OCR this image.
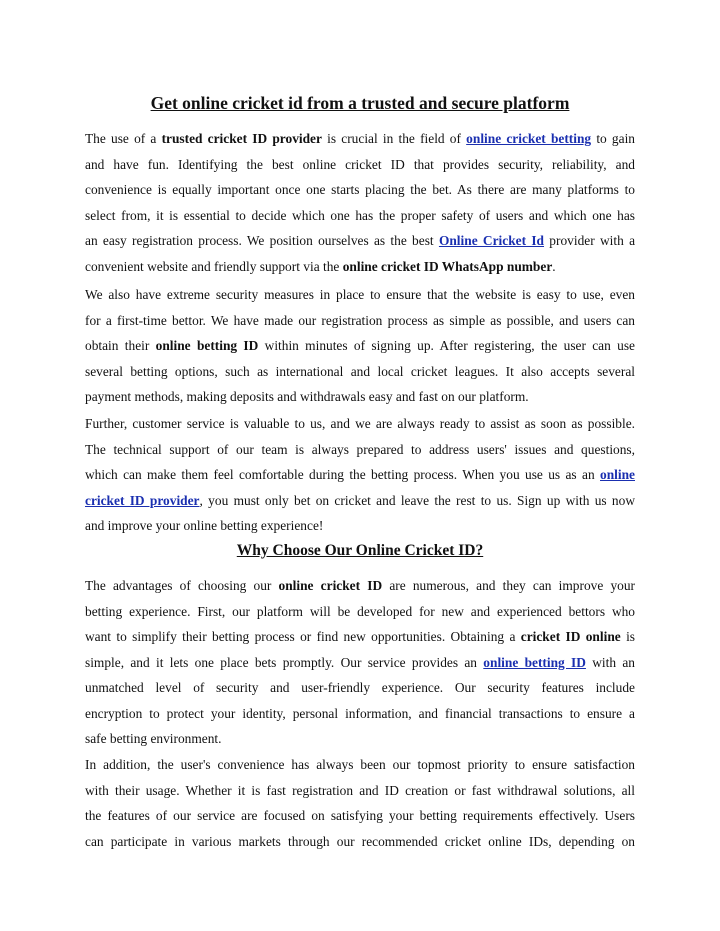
Get online cricket id from a trusted and secure platform
The use of a trusted cricket ID provider is crucial in the field of online cricket betting to gain
and have fun. Identifying the best online cricket ID that provides security, reliability, and
convenience is equally important once one starts placing the bet. As there are many platforms to
select from, it is essential to decide which one has the proper safety of users and which one has
an easy registration process. We position ourselves as the best Online Cricket Id provider with a
convenient website and friendly support via the online cricket ID WhatsApp number.
We also have extreme security measures in place to ensure that the website is easy to use, even
for a first-time bettor. We have made our registration process as simple as possible, and users can
obtain their online betting ID within minutes of signing up. After registering, the user can use
several betting options, such as international and local cricket leagues. It also accepts several
payment methods, making deposits and withdrawals easy and fast on our platform.
Further, customer service is valuable to us, and we are always ready to assist as soon as possible.
The technical support of our team is always prepared to address users' issues and questions,
which can make them feel comfortable during the betting process. When you use us as an online
cricket ID provider, you must only bet on cricket and leave the rest to us. Sign up with us now
and improve your online betting experience!
Why Choose Our Online Cricket ID?
The advantages of choosing our online cricket ID are numerous, and they can improve your
betting experience. First, our platform will be developed for new and experienced bettors who
want to simplify their betting process or find new opportunities. Obtaining a cricket ID online is
simple, and it lets one place bets promptly. Our service provides an online betting ID with an
unmatched level of security and user-friendly experience. Our security features include
encryption to protect your identity, personal information, and financial transactions to ensure a
safe betting environment.
In addition, the user's convenience has always been our topmost priority to ensure satisfaction
with their usage. Whether it is fast registration and ID creation or fast withdrawal solutions, all
the features of our service are focused on satisfying your betting requirements effectively. Users
can participate in various markets through our recommended cricket online IDs, depending on
